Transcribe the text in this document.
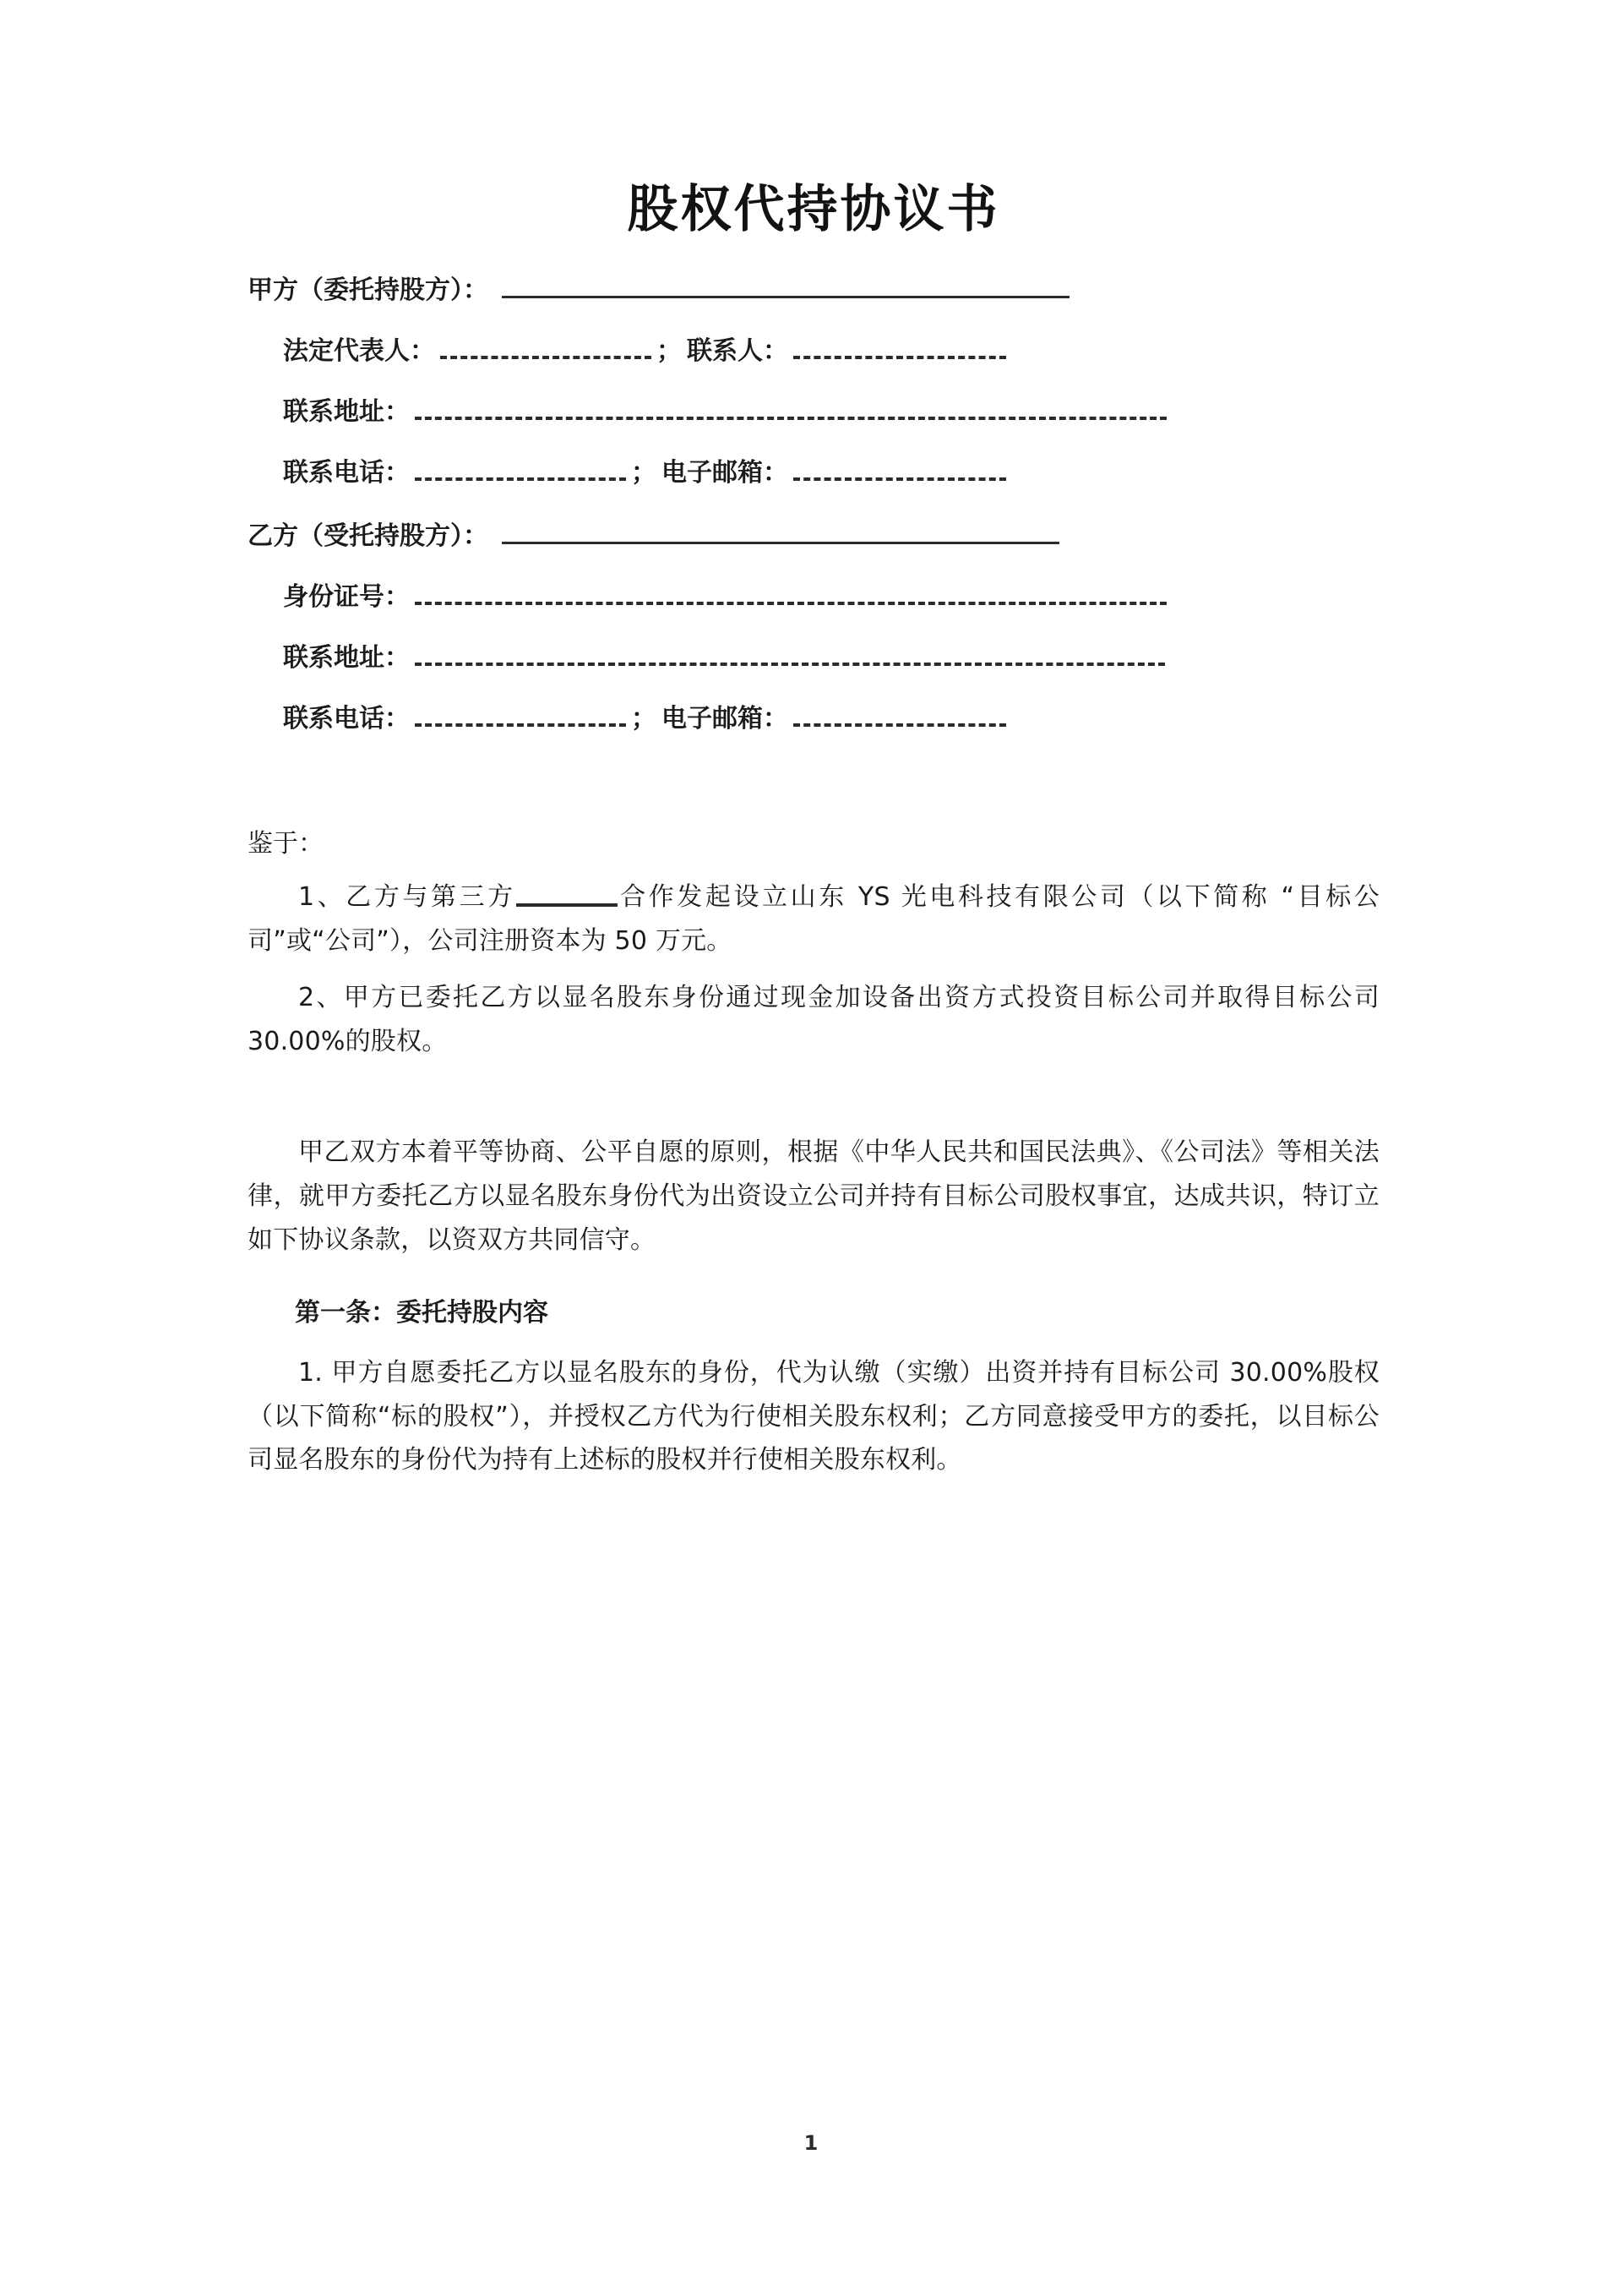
股权代持协议书
甲方（委托持股方）：
法定代表人：	； 联系人：
联系地址：
联系电话：	； 电子邮箱：
乙方（受托持股方）：
身份证号：
联系地址：
联系电话：	； 电子邮箱：
鉴于：

1、乙方与第三方	合作发起设立山东 YS 光电科技有限公司（以下简称 “目标公司”或“公司”），公司注册资本为 50 万元。

2、甲方已委托乙方以显名股东身份通过现金加设备出资方式投资目标公司并取得目标公司 30.00%的股权。

甲乙双方本着平等协商、公平自愿的原则，根据《中华人民共和国民法典》、《公司法》等相关法律，就甲方委托乙方以显名股东身份代为出资设立公司并持有目标公司股权事宜，达成共识，特订立如下协议条款，以资双方共同信守。

第一条：委托持股内容

1. 甲方自愿委托乙方以显名股东的身份，代为认缴（实缴）出资并持有目标公司 30.00%股权（以下简称“标的股权”），并授权乙方代为行使相关股东权利；乙方同意接受甲方的委托，以目标公司显名股东的身份代为持有上述标的股权并行使相关股东权利。

1
